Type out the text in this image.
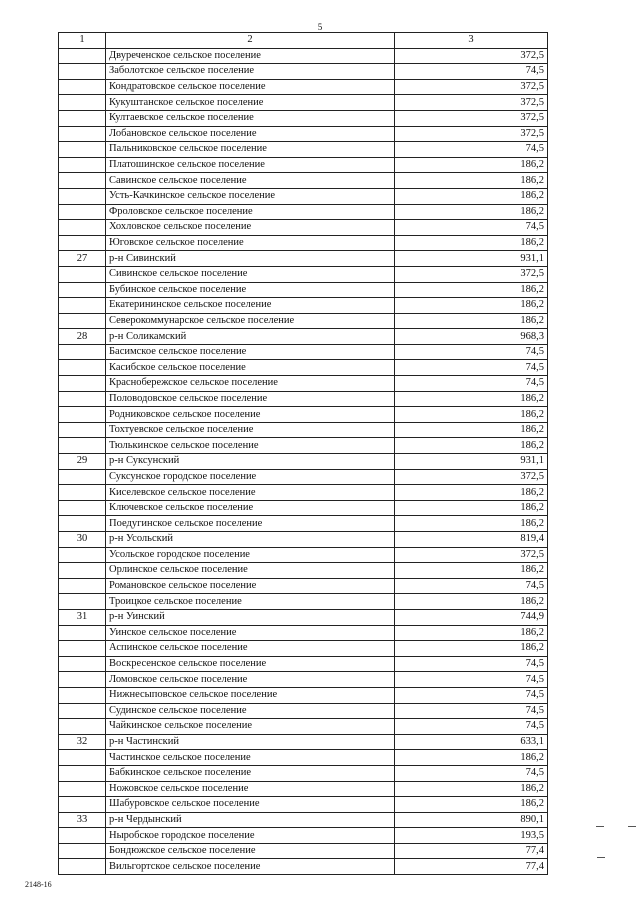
5
1	2	3
	Двуреченское сельское поселение	372,5
	Заболотское сельское поселение	74,5
	Кондратовское сельское поселение	372,5
	Кукуштанское сельское поселение	372,5
	Култаевское сельское поселение	372,5
	Лобановское сельское поселение	372,5
	Пальниковское сельское поселение	74,5
	Платошинское сельское поселение	186,2
	Савинское сельское поселение	186,2
	Усть-Качкинское сельское поселение	186,2
	Фроловское сельское поселение	186,2
	Хохловское сельское поселение	74,5
	Юговское сельское поселение	186,2
27	р-н Сивинский	931,1
	Сивинское сельское поселение	372,5
	Бубинское сельское поселение	186,2
	Екатерининское сельское поселение	186,2
	Северокоммунарское сельское поселение	186,2
28	р-н Соликамский	968,3
	Басимское сельское поселение	74,5
	Касибское сельское поселение	74,5
	Краснобережское сельское поселение	74,5
	Половодовское сельское поселение	186,2
	Родниковское сельское поселение	186,2
	Тохтуевское сельское поселение	186,2
	Тюлькинское сельское поселение	186,2
29	р-н Суксунский	931,1
	Суксунское городское поселение	372,5
	Киселевское сельское поселение	186,2
	Ключевское сельское поселение	186,2
	Поедугинское сельское поселение	186,2
30	р-н Усольский	819,4
	Усольское городское поселение	372,5
	Орлинское сельское поселение	186,2
	Романовское сельское поселение	74,5
	Троицкое сельское поселение	186,2
31	р-н Уинский	744,9
	Уинское сельское поселение	186,2
	Аспинское сельское поселение	186,2
	Воскресенское сельское поселение	74,5
	Ломовское сельское поселение	74,5
	Нижнесыповское сельское поселение	74,5
	Судинское сельское поселение	74,5
	Чайкинское сельское поселение	74,5
32	р-н Частинский	633,1
	Частинское сельское поселение	186,2
	Бабкинское сельское поселение	74,5
	Ножовское сельское поселение	186,2
	Шабуровское сельское поселение	186,2
33	р-н Чердынский	890,1
	Ныробское городское поселение	193,5
	Бондюжское сельское поселение	77,4
	Вильгортское сельское поселение	77,4
2148-16
